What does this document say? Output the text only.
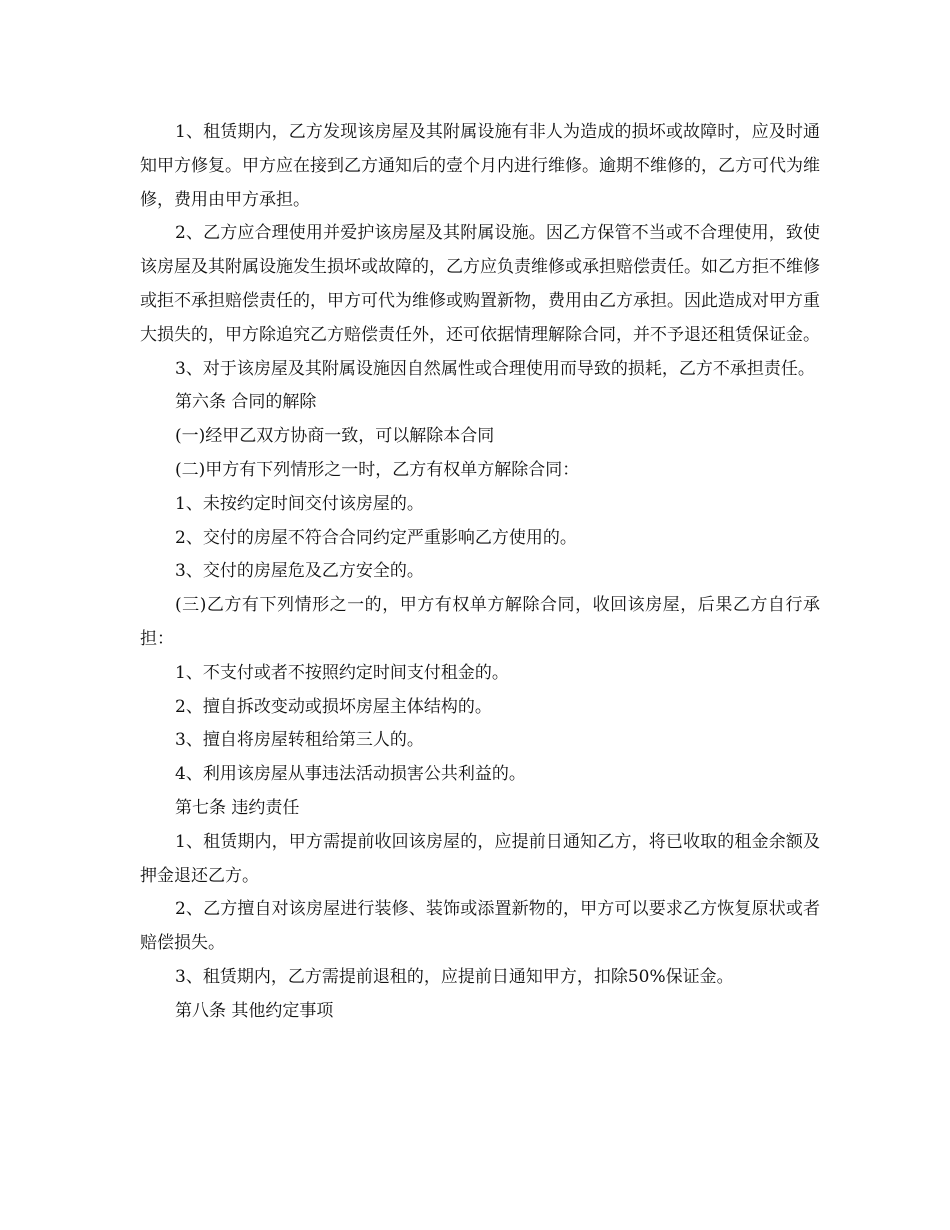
1、租赁期内，乙方发现该房屋及其附属设施有非人为造成的损坏或故障时，应及时通知甲方修复。甲方应在接到乙方通知后的壹个月内进行维修。逾期不维修的，乙方可代为维修，费用由甲方承担。

2、乙方应合理使用并爱护该房屋及其附属设施。因乙方保管不当或不合理使用，致使该房屋及其附属设施发生损坏或故障的，乙方应负责维修或承担赔偿责任。如乙方拒不维修或拒不承担赔偿责任的，甲方可代为维修或购置新物，费用由乙方承担。因此造成对甲方重大损失的，甲方除追究乙方赔偿责任外，还可依据情理解除合同，并不予退还租赁保证金。

3、对于该房屋及其附属设施因自然属性或合理使用而导致的损耗，乙方不承担责任。

第六条 合同的解除

(一)经甲乙双方协商一致，可以解除本合同

(二)甲方有下列情形之一时，乙方有权单方解除合同：

1、未按约定时间交付该房屋的。

2、交付的房屋不符合合同约定严重影响乙方使用的。

3、交付的房屋危及乙方安全的。

(三)乙方有下列情形之一的，甲方有权单方解除合同，收回该房屋，后果乙方自行承担：

1、不支付或者不按照约定时间支付租金的。

2、擅自拆改变动或损坏房屋主体结构的。

3、擅自将房屋转租给第三人的。

4、利用该房屋从事违法活动损害公共利益的。

第七条 违约责任

1、租赁期内，甲方需提前收回该房屋的，应提前日通知乙方，将已收取的租金余额及押金退还乙方。

2、乙方擅自对该房屋进行装修、装饰或添置新物的，甲方可以要求乙方恢复原状或者赔偿损失。

3、租赁期内，乙方需提前退租的，应提前日通知甲方，扣除50%保证金。

第八条 其他约定事项
